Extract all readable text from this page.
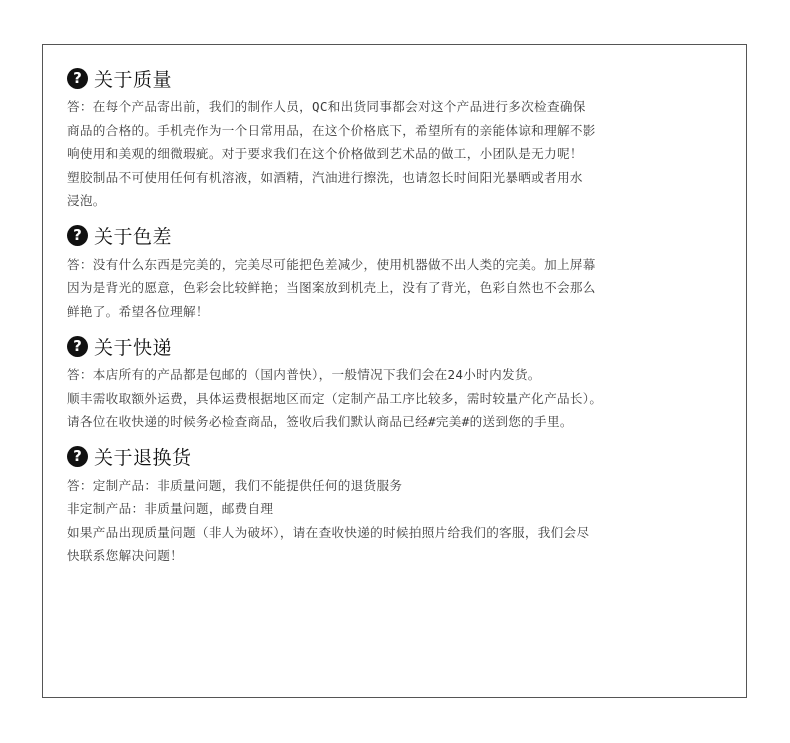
? 关于质量
答：在每个产品寄出前，我们的制作人员，QC和出货同事都会对这个产品进行多次检查确保
商品的合格的。手机壳作为一个日常用品，在这个价格底下，希望所有的亲能体谅和理解不影
响使用和美观的细微瑕疵。对于要求我们在这个价格做到艺术品的做工，小团队是无力呢！
塑胶制品不可使用任何有机溶液，如酒精，汽油进行擦洗，也请忽长时间阳光暴晒或者用水
浸泡。
? 关于色差
答：没有什么东西是完美的，完美尽可能把色差减少，使用机器做不出人类的完美。加上屏幕
因为是背光的愿意，色彩会比较鲜艳；当图案放到机壳上，没有了背光，色彩自然也不会那么
鲜艳了。希望各位理解！
? 关于快递
答：本店所有的产品都是包邮的（国内普快），一般情况下我们会在24小时内发货。
顺丰需收取额外运费，具体运费根据地区而定（定制产品工序比较多，需时较量产化产品长）。
请各位在收快递的时候务必检查商品，签收后我们默认商品已经#完美#的送到您的手里。
? 关于退换货
答：定制产品：非质量问题，我们不能提供任何的退货服务
非定制产品：非质量问题，邮费自理
如果产品出现质量问题（非人为破坏），请在查收快递的时候拍照片给我们的客服，我们会尽
快联系您解决问题！
